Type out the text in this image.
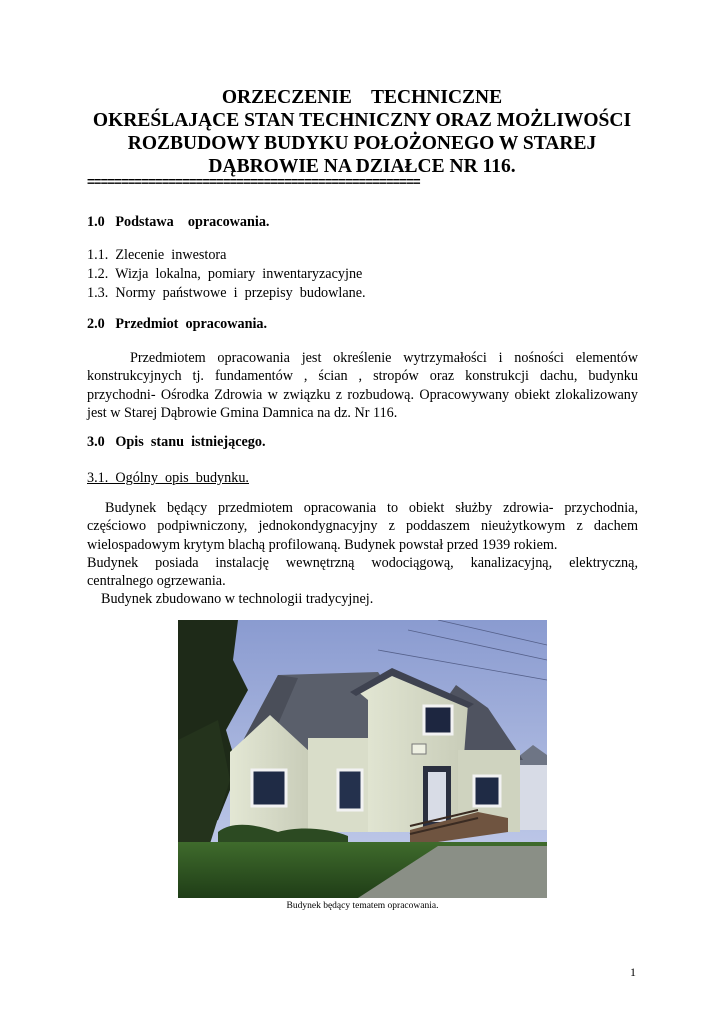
ORZECZENIE    TECHNICZNE
OKREŚLAJĄCE STAN TECHNICZNY ORAZ MOŻLIWOŚCI
ROZBUDOWY BUDYKU POŁOŻONEGO W STAREJ
DĄBROWIE NA DZIAŁCE NR 116.
=================================================

1.0   Podstawa    opracowania.

1.1.  Zlecenie  inwestora
1.2.  Wizja  lokalna,  pomiary  inwentaryzacyjne
1.3.  Normy  państwowe  i  przepisy  budowlane.

2.0   Przedmiot  opracowania.

Przedmiotem opracowania jest określenie wytrzymałości i nośności elementów
konstrukcyjnych tj. fundamentów , ścian , stropów oraz konstrukcji dachu, budynku
przychodni- Ośrodka Zdrowia w związku z rozbudową. Opracowywany obiekt zlokalizowany
jest w Starej Dąbrowie Gmina Damnica na dz. Nr 116.

3.0   Opis  stanu  istniejącego.

3.1.  Ogólny  opis  budynku.

Budynek będący przedmiotem opracowania to obiekt służby zdrowia- przychodnia,
częściowo podpiwniczony, jednokondygnacyjny z poddaszem nieużytkowym z dachem
wielospadowym krytym blachą profilowaną. Budynek powstał przed 1939 rokiem.
Budynek posiada instalację wewnętrzną wodociągową, kanalizacyjną, elektryczną,
centralnego ogrzewania.
Budynek zbudowano w technologii tradycyjnej.

Budynek będący tematem opracowania.

1
